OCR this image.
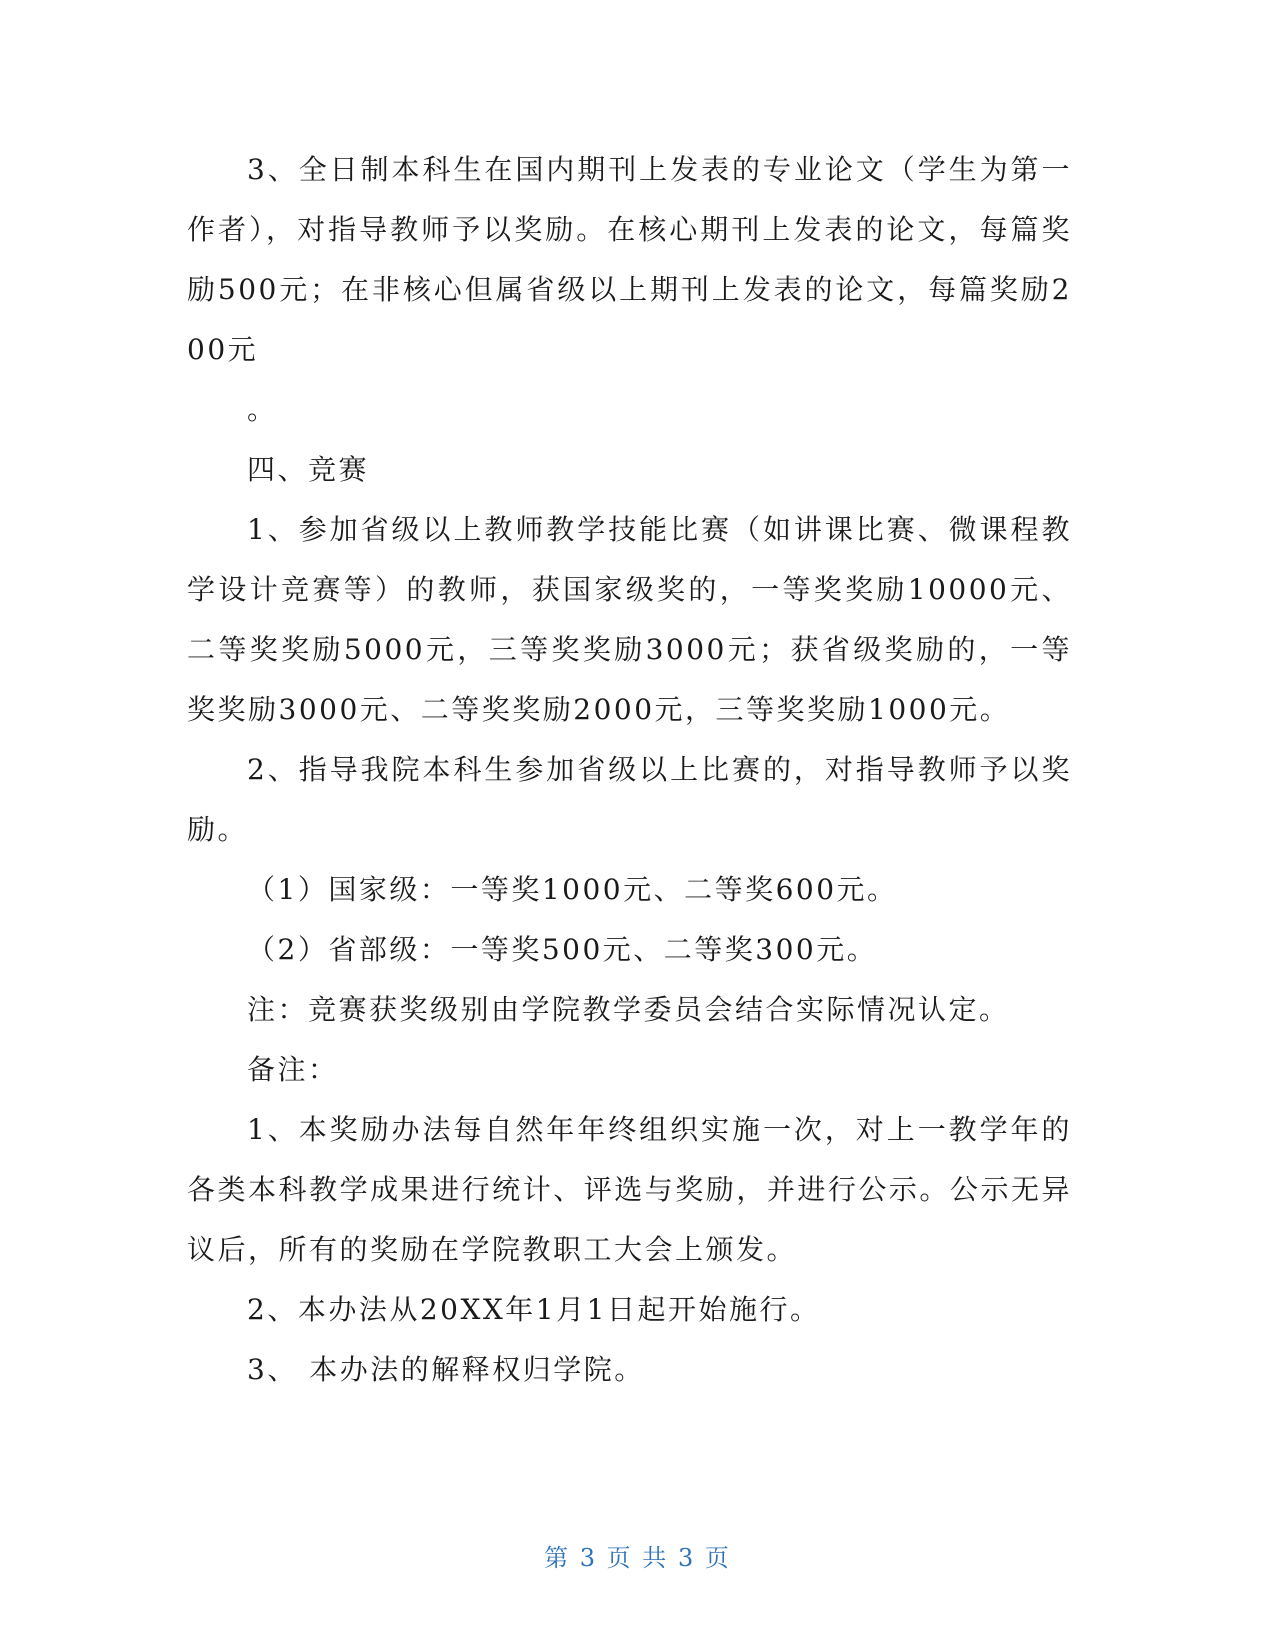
3、全日制本科生在国内期刊上发表的专业论文（学生为第一作者），对指导教师予以奖励。在核心期刊上发表的论文，每篇奖励500元；在非核心但属省级以上期刊上发表的论文，每篇奖励200元

。

四、竞赛

1、参加省级以上教师教学技能比赛（如讲课比赛、微课程教学设计竞赛等）的教师，获国家级奖的，一等奖奖励10000元、二等奖奖励5000元，三等奖奖励3000元；获省级奖励的，一等奖奖励3000元、二等奖奖励2000元，三等奖奖励1000元。

2、指导我院本科生参加省级以上比赛的，对指导教师予以奖励。

（1）国家级：一等奖1000元、二等奖600元。

（2）省部级：一等奖500元、二等奖300元。

注：竞赛获奖级别由学院教学委员会结合实际情况认定。

备注：

1、本奖励办法每自然年年终组织实施一次，对上一教学年的各类本科教学成果进行统计、评选与奖励，并进行公示。公示无异议后，所有的奖励在学院教职工大会上颁发。

2、本办法从20XX年1月1日起开始施行。

3、 本办法的解释权归学院。

第 3 页 共 3 页
